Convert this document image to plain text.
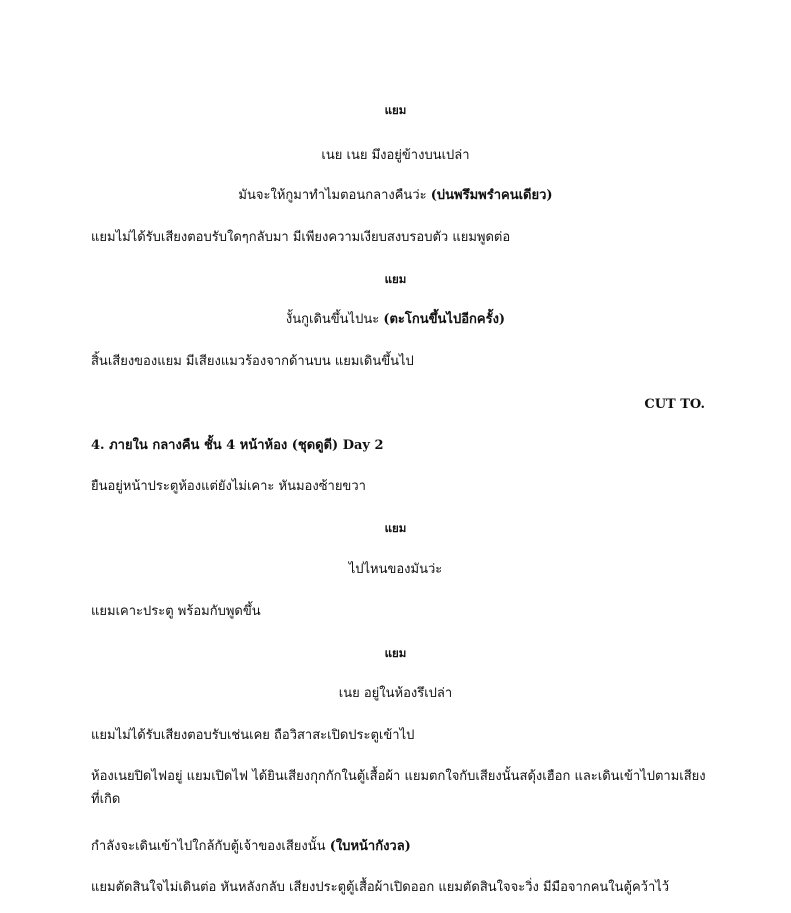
แยม
เนย เนย มึงอยู่ข้างบนเปล่า
มันจะให้กูมาทำไมตอนกลางคืนว่ะ (บ่นพรึมพรำคนเดียว)
แยมไม่ได้รับเสียงตอบรับใดๆกลับมา มีเพียงความเงียบสงบรอบตัว แยมพูดต่อ
แยม
งั้นกูเดินขึ้นไปนะ (ตะโกนขึ้นไปอีกครั้ง)
สิ้นเสียงของแยม มีเสียงแมวร้องจากด้านบน แยมเดินขึ้นไป
CUT TO.
4. ภายใน กลางคืน ชั้น 4 หน้าห้อง (ชุดดูดี) Day 2
ยืนอยู่หน้าประตูห้องแต่ยังไม่เคาะ หันมองซ้ายขวา
แยม
ไปไหนของมันว่ะ
แยมเคาะประตู พร้อมกับพูดขึ้น
แยม
เนย อยู่ในห้องรึเปล่า
แยมไม่ได้รับเสียงตอบรับเช่นเคย ถือวิสาสะเปิดประตูเข้าไป
ห้องเนยปิดไฟอยู่ แยมเปิดไฟ ได้ยินเสียงกุกกักในตู้เสื้อผ้า แยมตกใจกับเสียงนั้นสดุ้งเฮือก และเดินเข้าไปตามเสียงที่เกิด
กำลังจะเดินเข้าไปใกล้กับตู้เจ้าของเสียงนั้น (ใบหน้ากังวล)
แยมตัดสินใจไม่เดินต่อ หันหลังกลับ เสียงประตูตู้เสื้อผ้าเปิดออก แยมตัดสินใจจะวิ่ง มีมือจากคนในตู้คว้าไว้
